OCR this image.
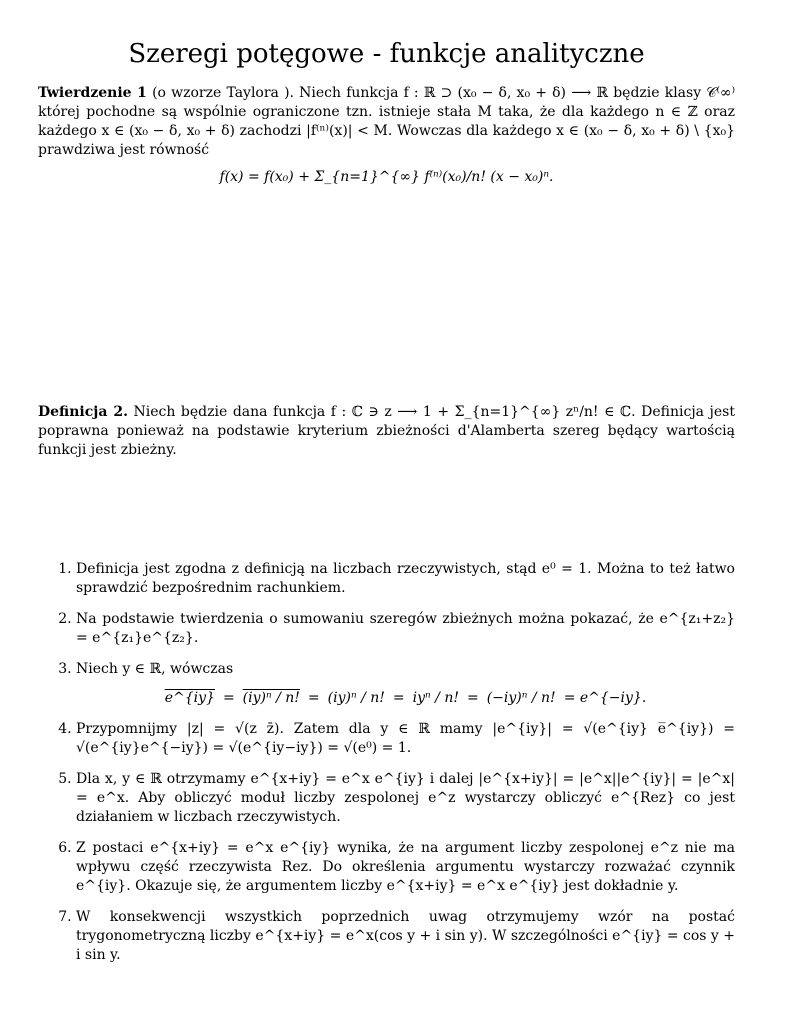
Szeregi potęgowe - funkcje analityczne
Twierdzenie 1 (o wzorze Taylora ). Niech funkcja f : ℝ ⊃ (x₀ − δ, x₀ + δ) ⟶ ℝ będzie klasy 𝒞⁽∞⁾ której pochodne są wspólnie ograniczone tzn. istnieje stała M taka, że dla każdego n ∈ ℤ oraz każdego x ∈ (x₀ − δ, x₀ + δ) zachodzi |f⁽ⁿ⁾(x)| < M. Wowczas dla każdego x ∈ (x₀ − δ, x₀ + δ) \ {x₀} prawdziwa jest równość
f(x) = f(x₀) + Σ_{n=1}^{∞} f⁽ⁿ⁾(x₀)/n! (x − x₀)ⁿ.
Definicja 2. Niech będzie dana funkcja f : ℂ ∋ z ⟶ 1 + Σ_{n=1}^{∞} zⁿ/n! ∈ ℂ. Definicja jest poprawna ponieważ na podstawie kryterium zbieżności d'Alamberta szereg będący wartością funkcji jest zbieżny.
1. Definicja jest zgodna z definicją na liczbach rzeczywistych, stąd e⁰ = 1. Można to też łatwo sprawdzić bezpośrednim rachunkiem.
2. Na podstawie twierdzenia o sumowaniu szeregów zbieżnych można pokazać, że e^{z₁+z₂} = e^{z₁}e^{z₂}.
3. Niech y ∈ ℝ, wówczas
e^{iy} = (iy)ⁿ / n! = (iy)ⁿ / n! = iyⁿ / n! = (−iy)ⁿ / n! = e^{−iy}.
4. Przypomnijmy |z| = √(z z̄). Zatem dla y ∈ ℝ mamy |e^{iy}| = √(e^{iy} e̅^{iy}) = √(e^{iy}e^{−iy}) = √(e^{iy−iy}) = √(e⁰) = 1.
5. Dla x, y ∈ ℝ otrzymamy e^{x+iy} = e^x e^{iy} i dalej |e^{x+iy}| = |e^x||e^{iy}| = |e^x| = e^x. Aby obliczyć moduł liczby zespolonej e^z wystarczy obliczyć e^{Rez} co jest działaniem w liczbach rzeczywistych.
6. Z postaci e^{x+iy} = e^x e^{iy} wynika, że na argument liczby zespolonej e^z nie ma wpływu część rzeczywista Rez. Do określenia argumentu wystarczy rozważać czynnik e^{iy}. Okazuje się, że argumentem liczby e^{x+iy} = e^x e^{iy} jest dokładnie y.
7. W konsekwencji wszystkich poprzednich uwag otrzymujemy wzór na postać trygonometryczną liczby e^{x+iy} = e^x(cos y + i sin y). W szczególności e^{iy} = cos y + i sin y.
